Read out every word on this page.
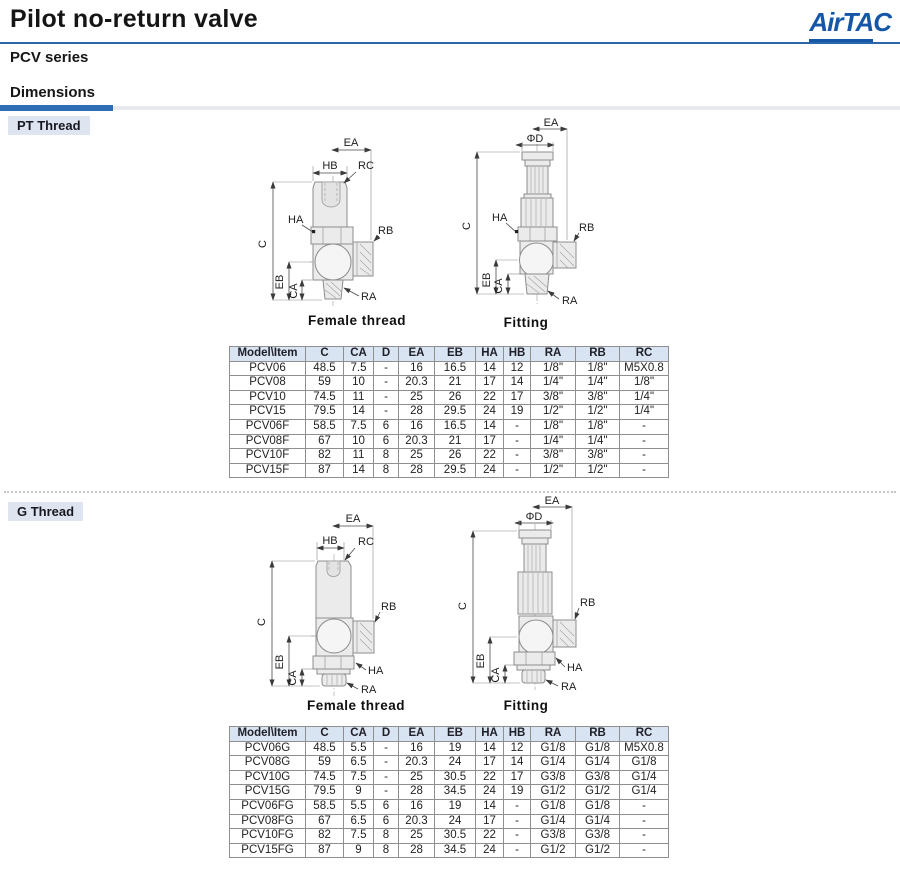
Pilot no-return valve	AirTAC
PCV series
Dimensions
PT Thread
EA
HB RC
HA
C
RB
EB
CA	RA
Female thread
EA
ΦD
C
HA
RB
EB CA
RA
Fitting
Model\Item	C	CA	D	EA	EB	HA	HB	RA	RB	RC
PCV06	48.5	7.5	-	16	16.5	14	12	1/8"	1/8"	M5X0.8
PCV08	59	10	-	20.3	21	17	14	1/4"	1/4"	1/8"
PCV10	74.5	11	-	25	26	22	17	3/8"	3/8"	1/4"
PCV15	79.5	14	-	28	29.5	24	19	1/2"	1/2"	1/4"
PCV06F	58.5	7.5	6	16	16.5	14	-	1/8"	1/8"	-
PCV08F	67	10	6	20.3	21	17	-	1/4"	1/4"	-
PCV10F	82	11	8	25	26	22	-	3/8"	3/8"	-
PCV15F	87	14	8	28	29.5	24	-	1/2"	1/2"	-
G Thread	EA
HB RC
C
RB
EB
CA	HA
RA
Female thread
EA
ΦD
C	RB
EB
CA	HA
RA
Fitting
Model\Item	C	CA	D	EA	EB	HA	HB	RA	RB	RC
PCV06G	48.5	5.5	-	16	19	14	12	G1/8	G1/8	M5X0.8
PCV08G	59	6.5	-	20.3	24	17	14	G1/4	G1/4	G1/8
PCV10G	74.5	7.5	-	25	30.5	22	17	G3/8	G3/8	G1/4
PCV15G	79.5	9	-	28	34.5	24	19	G1/2	G1/2	G1/4
PCV06FG	58.5	5.5	6	16	19	14	-	G1/8	G1/8	-
PCV08FG	67	6.5	6	20.3	24	17	-	G1/4	G1/4	-
PCV10FG	82	7.5	8	25	30.5	22	-	G3/8	G3/8	-
PCV15FG	87	9	8	28	34.5	24	-	G1/2	G1/2	-
